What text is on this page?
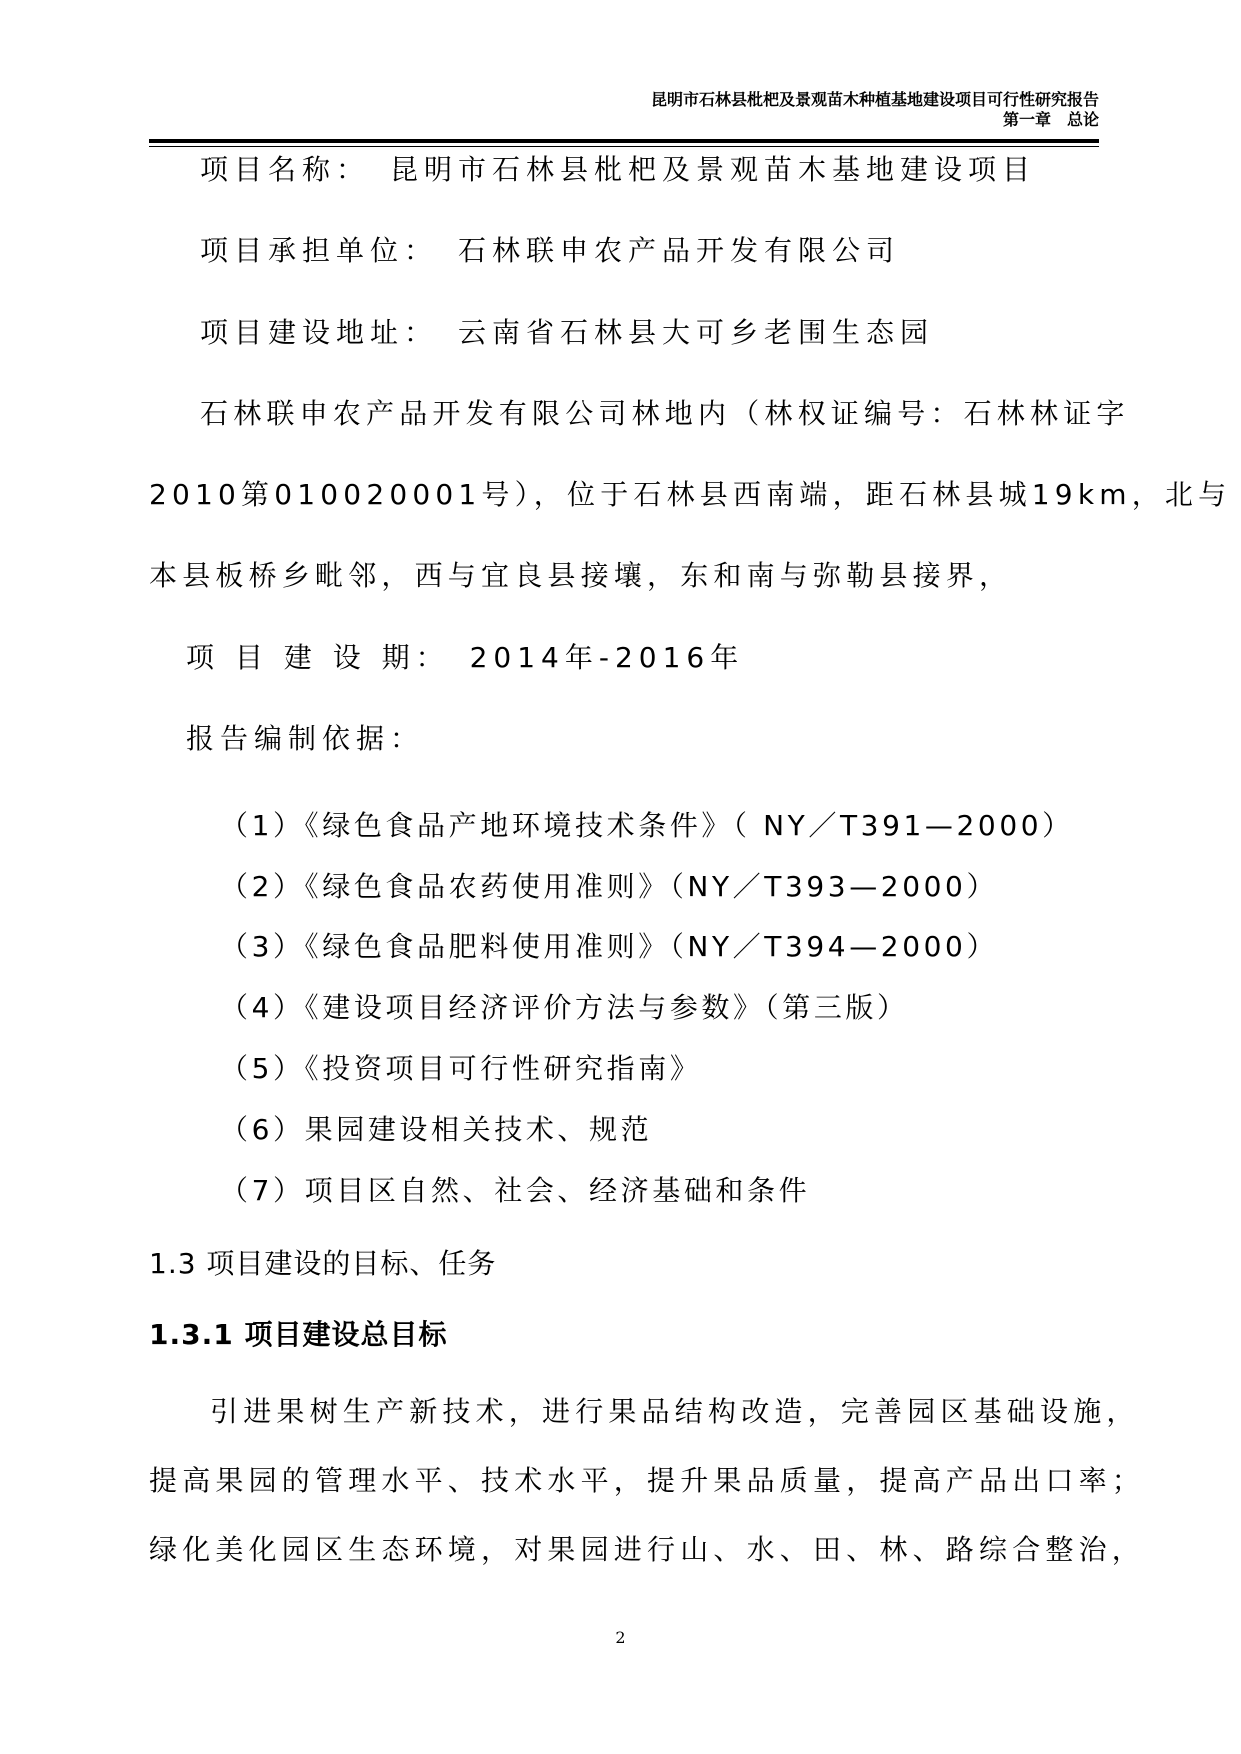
昆明市石林县枇杷及景观苗木种植基地建设项目可行性研究报告
第一章　总论
项目名称：　昆明市石林县枇杷及景观苗木基地建设项目
项目承担单位：　石林联申农产品开发有限公司
项目建设地址：　云南省石林县大可乡老围生态园
石林联申农产品开发有限公司林地内（林权证编号：石林林证字
2010第010020001号），位于石林县西南端，距石林县城19km，北与
本县板桥乡毗邻，西与宜良县接壤，东和南与弥勒县接界，
项 目 建 设 期：　2014年-2016年
报告编制依据：
（1）《绿色食品产地环境技术条件》（ NY／T391—2000）
（2）《绿色食品农药使用准则》（NY／T393—2000）
（3）《绿色食品肥料使用准则》（NY／T394—2000）
（4）《建设项目经济评价方法与参数》（第三版）
（5）《投资项目可行性研究指南》
（6）果园建设相关技术、规范
（7）项目区自然、社会、经济基础和条件
1.3 项目建设的目标、任务
1.3.1 项目建设总目标
引进果树生产新技术，进行果品结构改造，完善园区基础设施，
提高果园的管理水平、技术水平，提升果品质量，提高产品出口率；
绿化美化园区生态环境，对果园进行山、水、田、林、路综合整治，
2
